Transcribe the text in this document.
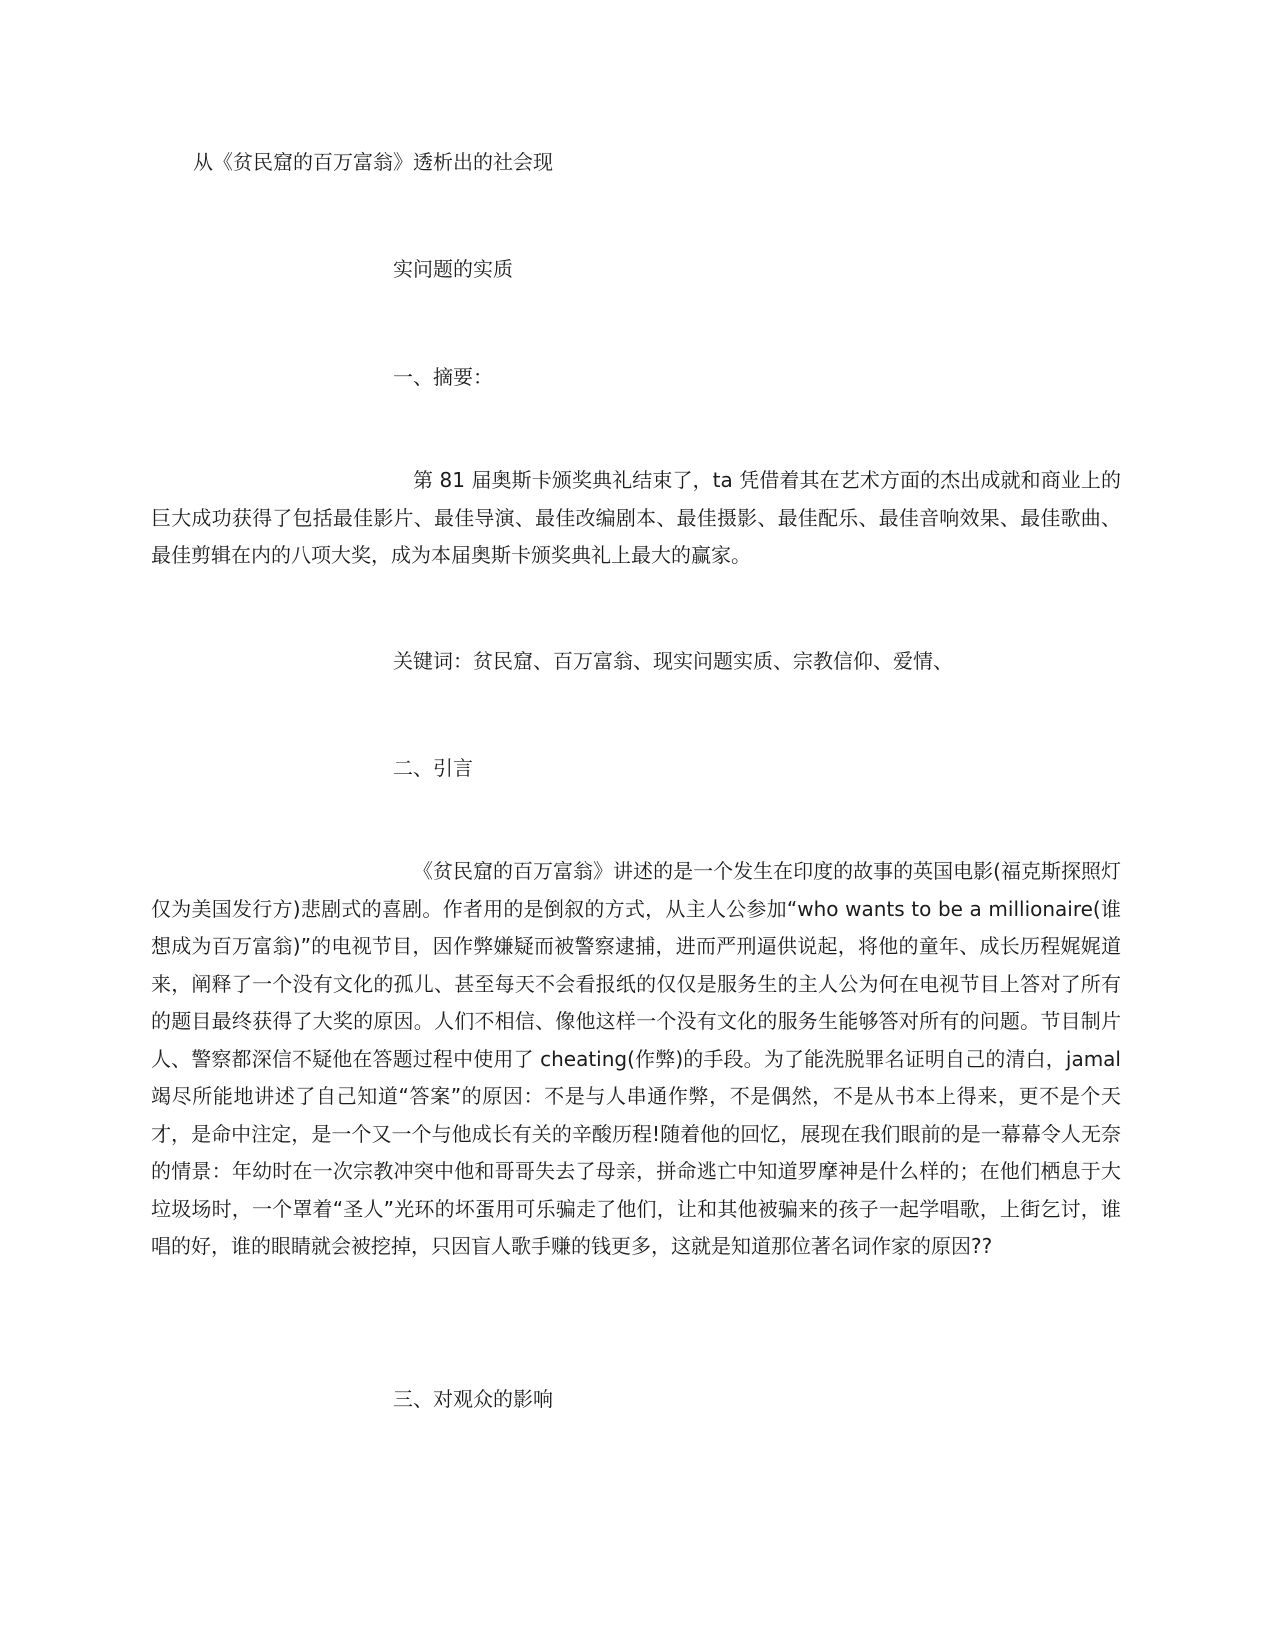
从《贫民窟的百万富翁》透析出的社会现
实问题的实质
一、摘要：
第 81 届奥斯卡颁奖典礼结束了，ta 凭借着其在艺术方面的杰出成就和商业上的巨大成功获得了包括最佳影片、最佳导演、最佳改编剧本、最佳摄影、最佳配乐、最佳音响效果、最佳歌曲、最佳剪辑在内的八项大奖，成为本届奥斯卡颁奖典礼上最大的赢家。
关键词：贫民窟、百万富翁、现实问题实质、宗教信仰、爱情、
二、引言
《贫民窟的百万富翁》讲述的是一个发生在印度的故事的英国电影(福克斯探照灯仅为美国发行方)悲剧式的喜剧。作者用的是倒叙的方式，从主人公参加“who wants to be a millionaire(谁想成为百万富翁)”的电视节目，因作弊嫌疑而被警察逮捕，进而严刑逼供说起，将他的童年、成长历程娓娓道来，阐释了一个没有文化的孤儿、甚至每天不会看报纸的仅仅是服务生的主人公为何在电视节目上答对了所有的题目最终获得了大奖的原因。人们不相信、像他这样一个没有文化的服务生能够答对所有的问题。节目制片人、警察都深信不疑他在答题过程中使用了 cheating(作弊)的手段。为了能洗脱罪名证明自己的清白，jamal 竭尽所能地讲述了自己知道“答案”的原因：不是与人串通作弊，不是偶然，不是从书本上得来，更不是个天才，是命中注定，是一个又一个与他成长有关的辛酸历程!随着他的回忆，展现在我们眼前的是一幕幕令人无奈的情景：年幼时在一次宗教冲突中他和哥哥失去了母亲，拼命逃亡中知道罗摩神是什么样的；在他们栖息于大垃圾场时，一个罩着“圣人”光环的坏蛋用可乐骗走了他们，让和其他被骗来的孩子一起学唱歌，上街乞讨，谁唱的好，谁的眼睛就会被挖掉，只因盲人歌手赚的钱更多，这就是知道那位著名词作家的原因??
三、对观众的影响
